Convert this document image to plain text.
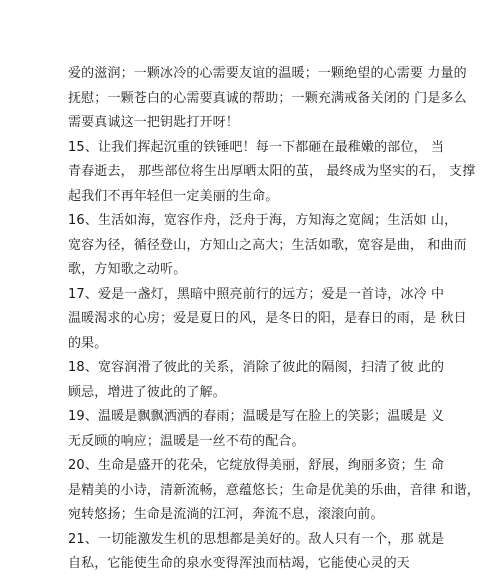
爱的滋润；一颗冰冷的心需要友谊的温暖；一颗绝望的心需要 力量的
抚慰；一颗苍白的心需要真诚的帮助；一颗充满戒备关闭的 门是多么
需要真诚这一把钥匙打开呀！
15、让我们挥起沉重的铁锤吧！每一下都砸在最稚嫩的部位， 当
青春逝去， 那些部位将生出厚晒太阳的茧， 最终成为坚实的石， 支撑
起我们不再年轻但一定美丽的生命。
16、生活如海，宽容作舟，泛舟于海，方知海之宽阔；生活如 山，
宽容为径，循径登山，方知山之高大；生活如歌，宽容是曲， 和曲而
歌，方知歌之动听。
17、爱是一盏灯，黑暗中照亮前行的远方；爱是一首诗，冰冷 中
温暖渴求的心房；爱是夏日的风，是冬日的阳，是春日的雨，是 秋日
的果。
18、宽容润滑了彼此的关系，消除了彼此的隔阂，扫清了彼 此的
顾忌，增进了彼此的了解。
19、温暖是飘飘洒洒的春雨；温暖是写在脸上的笑影；温暖是 义
无反顾的响应；温暖是一丝不苟的配合。
20、生命是盛开的花朵，它绽放得美丽，舒展，绚丽多资；生 命
是精美的小诗，清新流畅，意蕴悠长；生命是优美的乐曲，音律 和谐，
宛转悠扬；生命是流淌的江河，奔流不息，滚滚向前。
21、一切能激发生机的思想都是美好的。敌人只有一个，那 就是
自私，它能使生命的泉水变得浑浊而枯竭，它能使心灵的天
